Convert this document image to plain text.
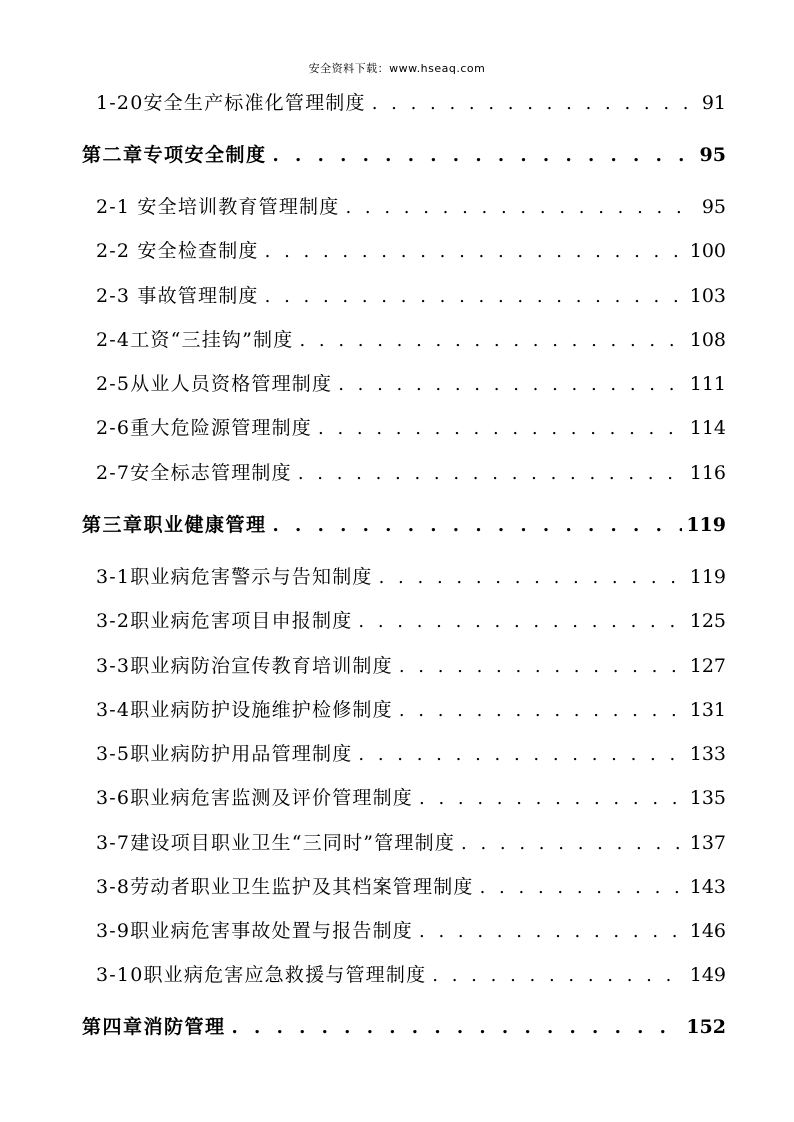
安全资料下载：www.hseaq.com
1-20安全生产标准化管理制度 . . .	91
第二章专项安全制度 . . .	95
2-1 安全培训教育管理制度 . . .	95
2-2 安全检查制度 . . .	100
2-3 事故管理制度 . . .	103
2-4工资“三挂钩”制度 . . .	108
2-5从业人员资格管理制度 . . .	111
2-6重大危险源管理制度 . . .	114
2-7安全标志管理制度 . . .	116
第三章职业健康管理 . . .	119
3-1职业病危害警示与告知制度 . . .	119
3-2职业病危害项目申报制度 . . .	125
3-3职业病防治宣传教育培训制度 . . .	127
3-4职业病防护设施维护检修制度 . . .	131
3-5职业病防护用品管理制度 . . .	133
3-6职业病危害监测及评价管理制度 . . .	135
3-7建设项目职业卫生“三同时”管理制度 . . .	137
3-8劳动者职业卫生监护及其档案管理制度 . . .	143
3-9职业病危害事故处置与报告制度 . . .	146
3-10职业病危害应急救援与管理制度 . . .	149
第四章消防管理 . . .	152
